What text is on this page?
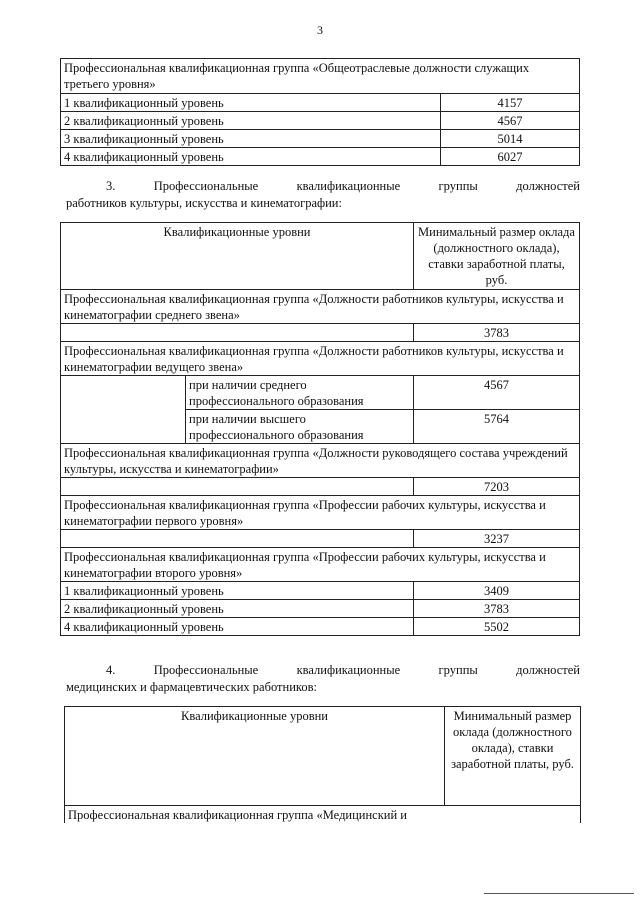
3
Профессиональная квалификационная группа «Общеотраслевые должности служащих третьего уровня»	
1 квалификационный уровень	4157
2 квалификационный уровень	4567
3 квалификационный уровень	5014
4 квалификационный уровень	6027
3. Профессиональные квалификационные группы должностей
работников культуры, искусства и кинематографии:
Квалификационные уровни		Минимальный размер оклада (должностного оклада), ставки заработной платы, руб.
Профессиональная квалификационная группа «Должности работников культуры, искусства и кинематографии среднего звена»		
		3783
Профессиональная квалификационная группа «Должности работников культуры, искусства и кинематографии ведущего звена»		
	при наличии среднего профессионального образования	4567
	при наличии высшего профессионального образования	5764
Профессиональная квалификационная группа «Должности руководящего состава учреждений культуры, искусства и кинематографии»		
		7203
Профессиональная квалификационная группа «Профессии рабочих культуры, искусства и кинематографии первого уровня»		
		3237
Профессиональная квалификационная группа «Профессии рабочих культуры, искусства и кинематографии второго уровня»		
1 квалификационный уровень		3409
2 квалификационный уровень		3783
4 квалификационный уровень		5502
4. Профессиональные квалификационные группы должностей
медицинских и фармацевтических работников:
Квалификационные уровни	Минимальный размер оклада (должностного оклада), ставки заработной платы, руб.
Профессиональная квалификационная группа «Медицинский и
